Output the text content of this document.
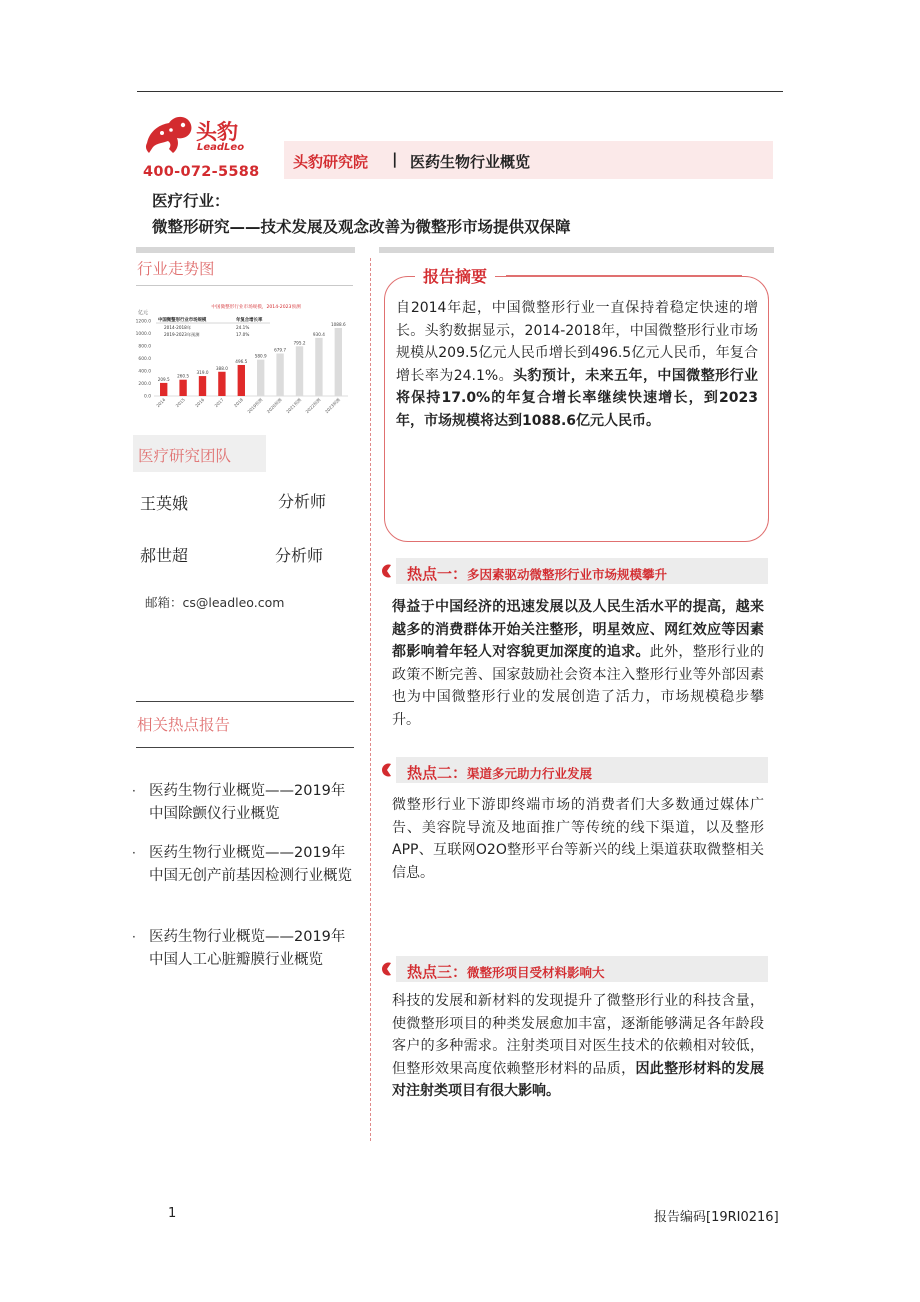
头豹
LeadLeo
400-072-5588
头豹研究院 | 医药生物行业概览
医疗行业：
微整形研究——技术发展及观念改善为微整形市场提供双保障
行业走势图
中国微整形行业市场规模，2014-2023预测
亿元
中国微整形行业市场规模	年复合增长率
2014-2018年	24.1%
2019-2023年预测	17.0%
1200.0
1000.0
800.0
600.0
400.0
200.0
0.0
209.5
2014
260.5
2015
319.0
2016
388.0
2017
496.5
2018
580.9
2019预测
679.7
2020预测
795.2
2021预测
930.4
2022预测
1088.6
2023预测
医疗研究团队
王英娥	分析师
郝世超	分析师
邮箱：cs@leadleo.com
相关热点报告
· 医药生物行业概览——2019年中国除颤仪行业概览
· 医药生物行业概览——2019年中国无创产前基因检测行业概览
· 医药生物行业概览——2019年中国人工心脏瓣膜行业概览
报告摘要
自2014年起，中国微整形行业一直保持着稳定快速的增长。头豹数据显示，2014-2018年，中国微整形行业市场规模从209.5亿元人民币增长到496.5亿元人民币，年复合增长率为24.1%。头豹预计，未来五年，中国微整形行业将保持17.0%的年复合增长率继续快速增长，到2023年，市场规模将达到1088.6亿元人民币。
热点一：多因素驱动微整形行业市场规模攀升
得益于中国经济的迅速发展以及人民生活水平的提高，越来越多的消费群体开始关注整形，明星效应、网红效应等因素都影响着年轻人对容貌更加深度的追求。此外，整形行业的政策不断完善、国家鼓励社会资本注入整形行业等外部因素也为中国微整形行业的发展创造了活力，市场规模稳步攀升。
热点二：渠道多元助力行业发展
微整形行业下游即终端市场的消费者们大多数通过媒体广告、美容院导流及地面推广等传统的线下渠道，以及整形APP、互联网O2O整形平台等新兴的线上渠道获取微整相关信息。
热点三：微整形项目受材料影响大
科技的发展和新材料的发现提升了微整形行业的科技含量，使微整形项目的种类发展愈加丰富，逐渐能够满足各年龄段客户的多种需求。注射类项目对医生技术的依赖相对较低，但整形效果高度依赖整形材料的品质，因此整形材料的发展对注射类项目有很大影响。
1	报告编码[19RI0216]
